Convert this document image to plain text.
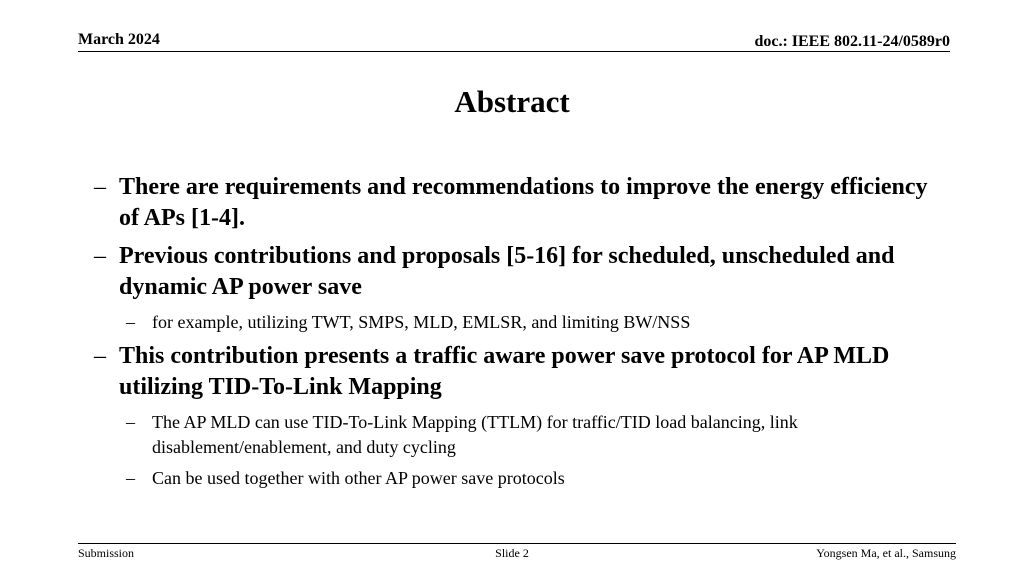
March 2024	doc.: IEEE 802.11-24/0589r0
Abstract
– There are requirements and recommendations to improve the energy efficiency of APs [1-4].
– Previous contributions and proposals [5-16] for scheduled, unscheduled and dynamic AP power save
– for example, utilizing TWT, SMPS, MLD, EMLSR, and limiting BW/NSS
– This contribution presents a traffic aware power save protocol for AP MLD utilizing TID-To-Link Mapping
– The AP MLD can use TID-To-Link Mapping (TTLM) for traffic/TID load balancing, link disablement/enablement, and duty cycling
– Can be used together with other AP power save protocols
Submission	Slide 2	Yongsen Ma, et al., Samsung
